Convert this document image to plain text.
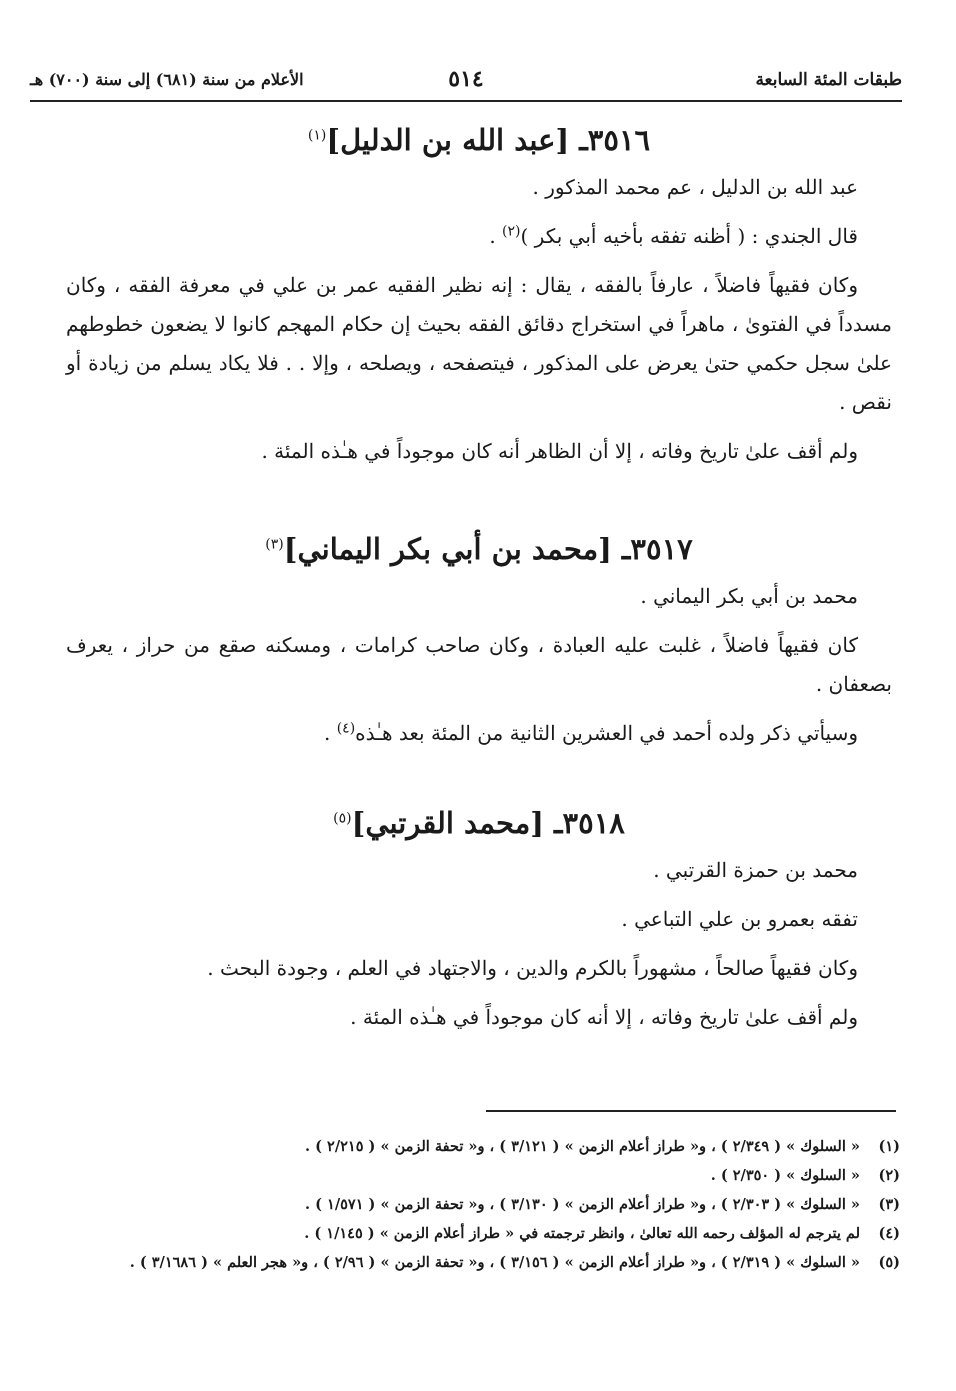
طبقات المئة السابعة
٥١٤
الأعلام من سنة (٦٨١) إلى سنة (٧٠٠) هـ
٣٥١٦ـ [عبد الله بن الدليل]$^{(١)}$

عبد الله بن الدليل ، عم محمد المذكور .

قال الجندي : ( أظنه تفقه بأخيه أبي بكر )$^{(٢)}$ .

وكان فقيهاً فاضلاً ، عارفاً بالفقه ، يقال : إنه نظير الفقيه عمر بن علي في معرفة الفقه ، وكان مسدداً في الفتوىٰ ، ماهراً في استخراج دقائق الفقه بحيث إن حكام المهجم كانوا لا يضعون خطوطهم علىٰ سجل حكمي حتىٰ يعرض على المذكور ، فيتصفحه ، ويصلحه ، وإلا . . فلا يكاد يسلم من زيادة أو نقص .

ولم أقف علىٰ تاريخ وفاته ، إلا أن الظاهر أنه كان موجوداً في هـٰذه المئة .

٣٥١٧ـ [محمد بن أبي بكر اليماني]$^{(٣)}$

محمد بن أبي بكر اليماني .

كان فقيهاً فاضلاً ، غلبت عليه العبادة ، وكان صاحب كرامات ، ومسكنه صقع من حراز ، يعرف بصعفان .

وسيأتي ذكر ولده أحمد في العشرين الثانية من المئة بعد هـٰذه$^{(٤)}$ .

٣٥١٨ـ [محمد القرتبي]$^{(٥)}$

محمد بن حمزة القرتبي .

تفقه بعمرو بن علي التباعي .

وكان فقيهاً صالحاً ، مشهوراً بالكرم والدين ، والاجتهاد في العلم ، وجودة البحث .

ولم أقف علىٰ تاريخ وفاته ، إلا أنه كان موجوداً في هـٰذه المئة .

(١)
« السلوك » ( ٢/٣٤٩ ) ، و« طراز أعلام الزمن » ( ٣/١٢١ ) ، و« تحفة الزمن » ( ٢/٢١٥ ) .
(٢)
« السلوك » ( ٢/٣٥٠ ) .
(٣)
« السلوك » ( ٢/٣٠٣ ) ، و« طراز أعلام الزمن » ( ٣/١٣٠ ) ، و« تحفة الزمن » ( ١/٥٧١ ) .
(٤)
لم يترجم له المؤلف رحمه الله تعالىٰ ، وانظر ترجمته في « طراز أعلام الزمن » ( ١/١٤٥ ) .
(٥)
« السلوك » ( ٢/٣١٩ ) ، و« طراز أعلام الزمن » ( ٣/١٥٦ ) ، و« تحفة الزمن » ( ٢/٩٦ ) ، و« هجر العلم » ( ٣/١٦٨٦ ) .
